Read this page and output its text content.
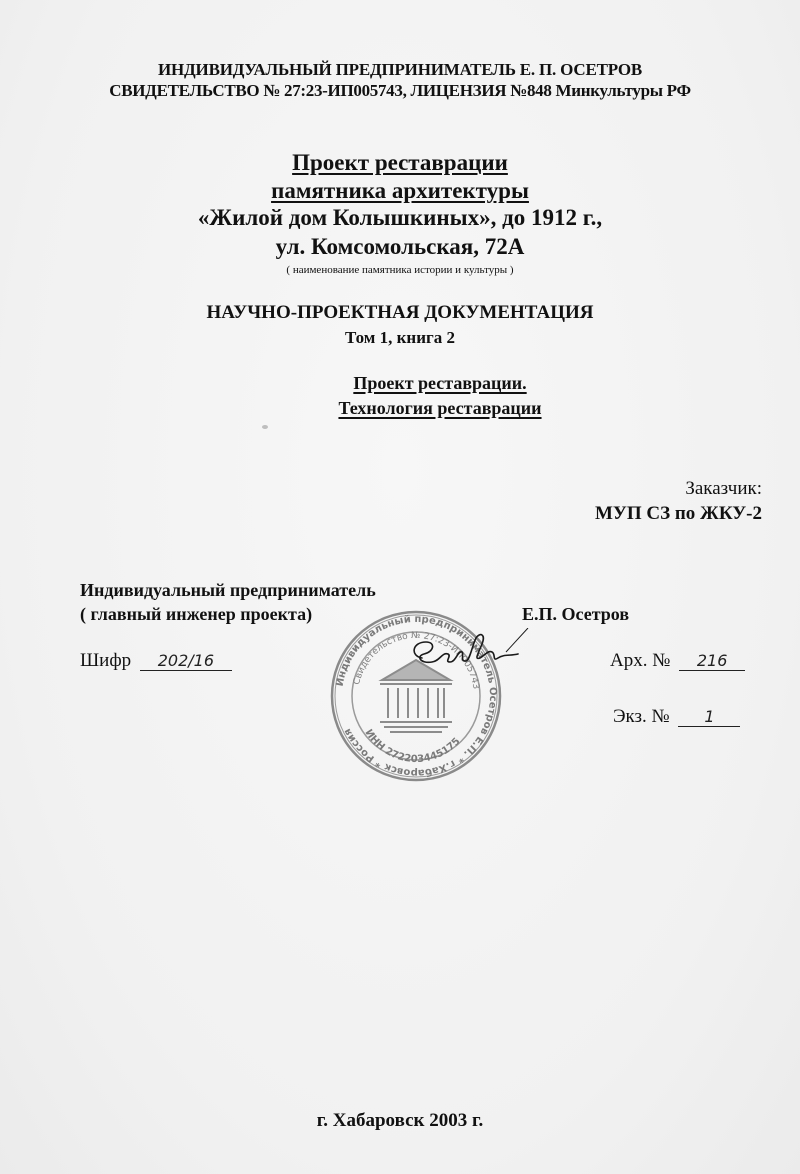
ИНДИВИДУАЛЬНЫЙ ПРЕДПРИНИМАТЕЛЬ Е. П. ОСЕТРОВ
СВИДЕТЕЛЬСТВО № 27:23-ИП005743, ЛИЦЕНЗИЯ №848 Минкультуры РФ
Проект реставрации
памятника архитектуры
«Жилой дом Колышкиных», до 1912 г.,
ул. Комсомольская, 72А
( наименование памятника истории и культуры )
НАУЧНО-ПРОЕКТНАЯ ДОКУМЕНТАЦИЯ
Том 1, книга 2
Проект реставрации.
Технология реставрации
Заказчик:
МУП СЗ по ЖКУ-2
Индивидуальный предприниматель
( главный инженер проекта)	Е.П. Осетров
Шифр 202/16	Арх. № 216
Экз. № 1
Индивидуальный предприниматель Осетров Е.П. * г.Хабаровск * Россия
Свидетельство № 27:23-ИП005743
ИНН 272203445175
г. Хабаровск 2003 г.
